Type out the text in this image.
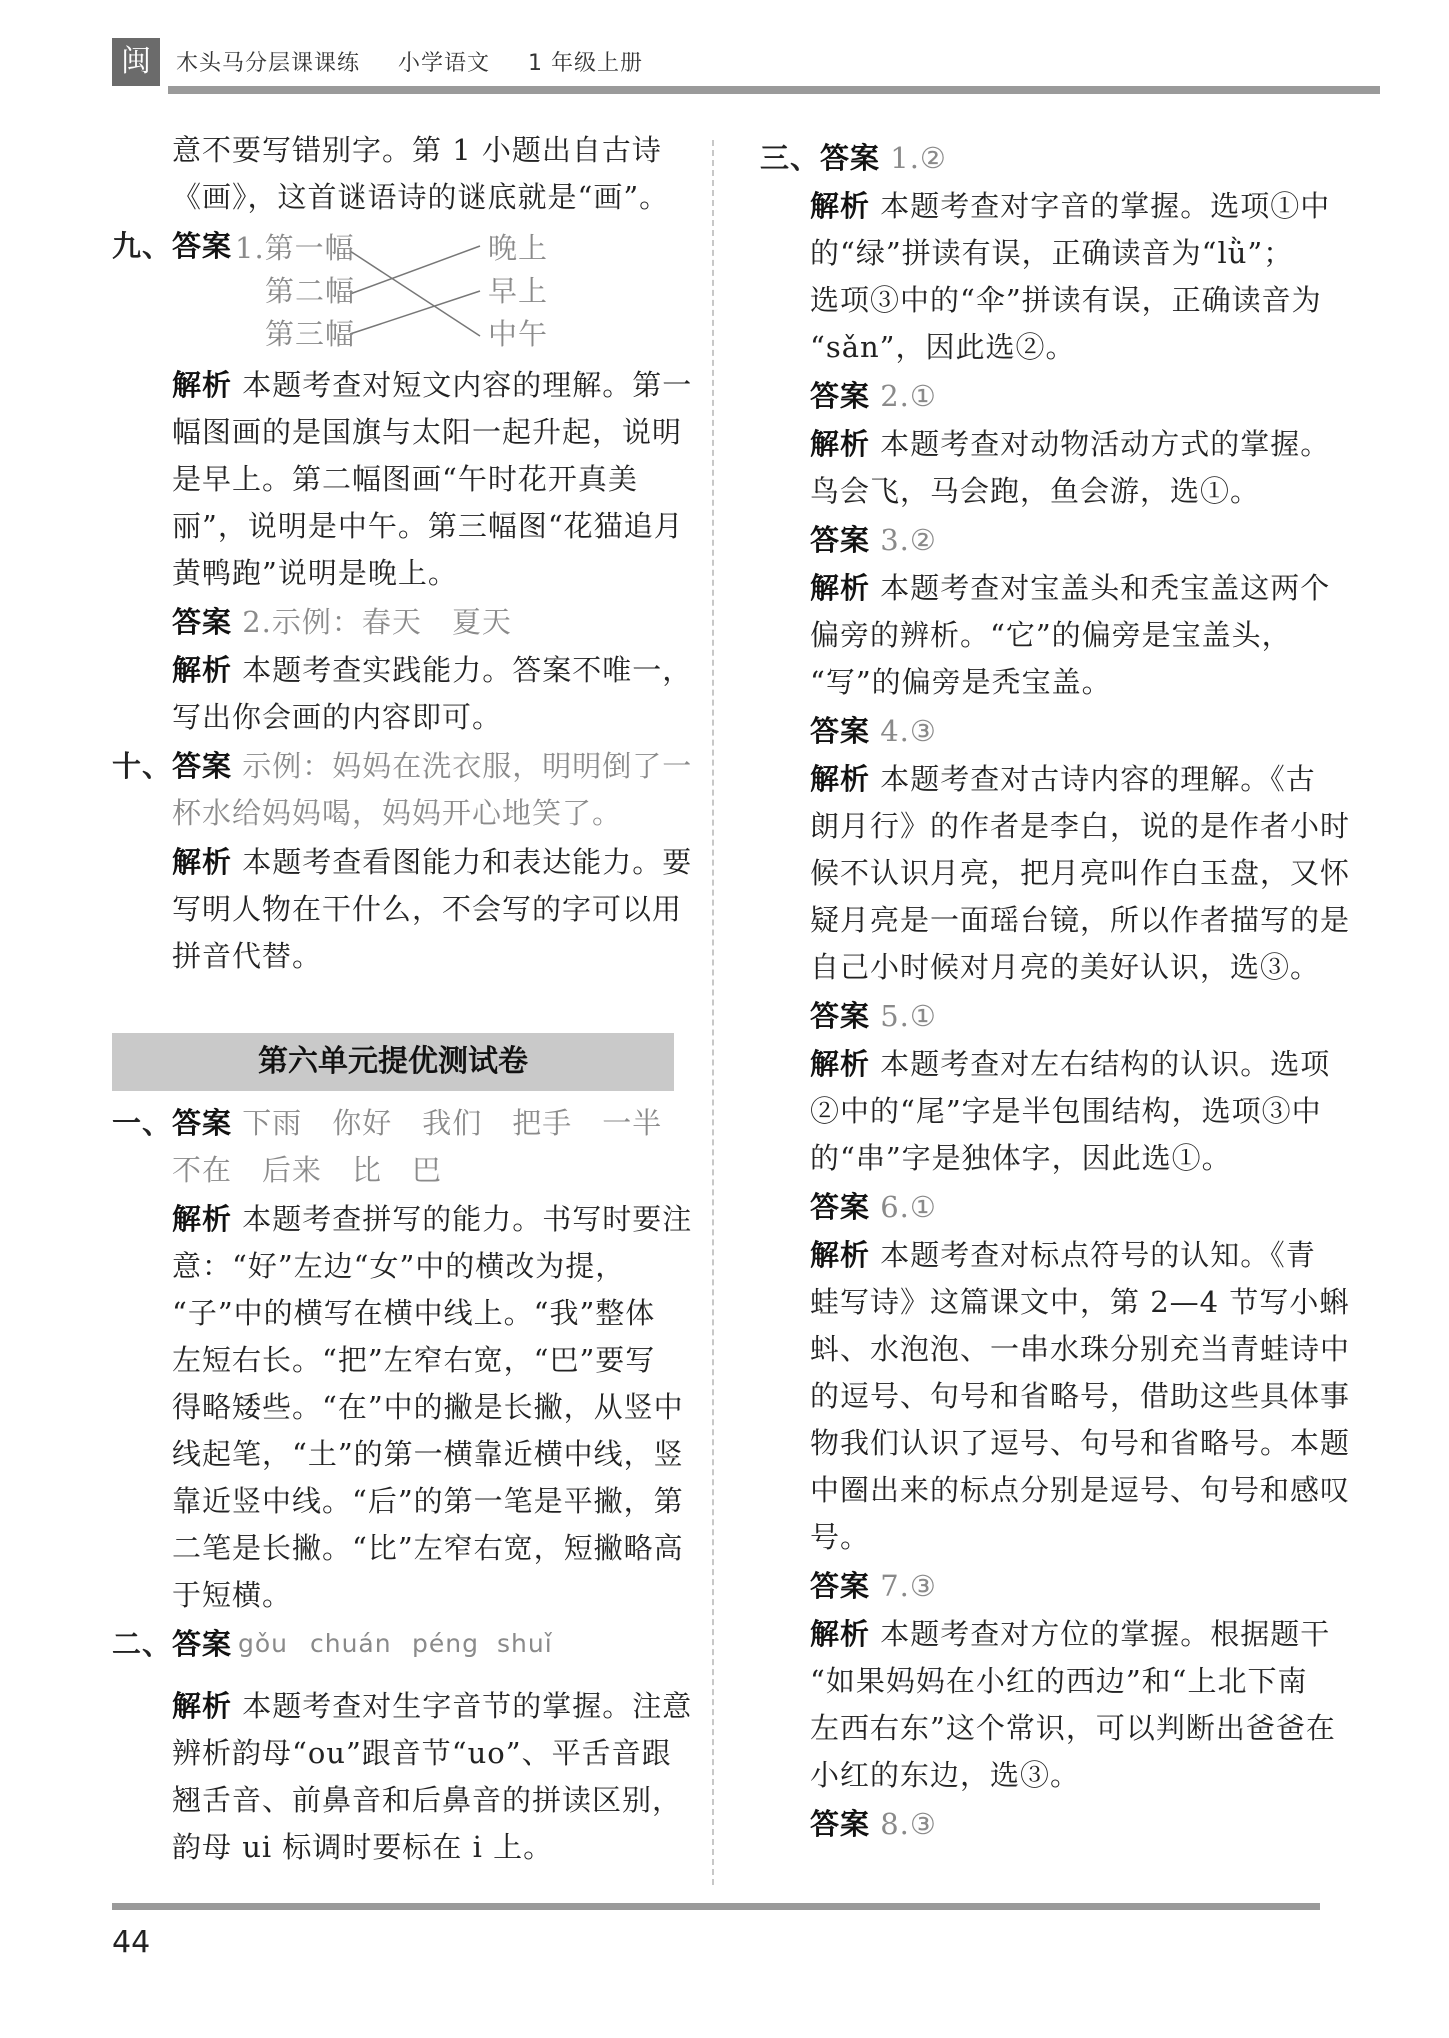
闽	木头马分层课课练 小学语文 1 年级上册
意不要写错别字。第 1 小题出自古诗
《画》，这首谜语诗的谜底就是“画”。
九、答案 1.第一幅
第二幅
第三幅
晚上
早上
中午
解析 本题考查对短文内容的理解。第一
幅图画的是国旗与太阳一起升起，说明
是早上。第二幅图画“午时花开真美
丽”，说明是中午。第三幅图“花猫追月
黄鸭跑”说明是晚上。
答案 2.示例：春天　夏天
解析 本题考查实践能力。答案不唯一，
写出你会画的内容即可。
十、答案 示例：妈妈在洗衣服，明明倒了一
杯水给妈妈喝，妈妈开心地笑了。
解析 本题考查看图能力和表达能力。要
写明人物在干什么，不会写的字可以用
拼音代替。
第六单元提优测试卷
一、答案 下雨　你好　我们　把手　一半
不在　后来　比　巴
解析 本题考查拼写的能力。书写时要注
意：“好”左边“女”中的横改为提，
“子”中的横写在横中线上。“我”整体
左短右长。“把”左窄右宽，“巴”要写
得略矮些。“在”中的撇是长撇，从竖中
线起笔，“土”的第一横靠近横中线，竖
靠近竖中线。“后”的第一笔是平撇，第
二笔是长撇。“比”左窄右宽，短撇略高
于短横。
二、答案 gǒu chuán péng shuǐ
解析 本题考查对生字音节的掌握。注意
辨析韵母“ou”跟音节“uo”、平舌音跟
翘舌音、前鼻音和后鼻音的拼读区别，
韵母 ui 标调时要标在 i 上。
三、答案 1.②
解析 本题考查对字音的掌握。选项①中
的“绿”拼读有误，正确读音为“lǜ”；
选项③中的“伞”拼读有误，正确读音为
“sǎn”，因此选②。
答案 2.①
解析 本题考查对动物活动方式的掌握。
鸟会飞，马会跑，鱼会游，选①。
答案 3.②
解析 本题考查对宝盖头和秃宝盖这两个
偏旁的辨析。“它”的偏旁是宝盖头，
“写”的偏旁是秃宝盖。
答案 4.③
解析 本题考查对古诗内容的理解。《古
朗月行》的作者是李白，说的是作者小时
候不认识月亮，把月亮叫作白玉盘，又怀
疑月亮是一面瑶台镜，所以作者描写的是
自己小时候对月亮的美好认识，选③。
答案 5.①
解析 本题考查对左右结构的认识。选项
②中的“尾”字是半包围结构，选项③中
的“串”字是独体字，因此选①。
答案 6.①
解析 本题考查对标点符号的认知。《青
蛙写诗》这篇课文中，第 2—4 节写小蝌
蚪、水泡泡、一串水珠分别充当青蛙诗中
的逗号、句号和省略号，借助这些具体事
物我们认识了逗号、句号和省略号。本题
中圈出来的标点分别是逗号、句号和感叹
号。
答案 7.③
解析 本题考查对方位的掌握。根据题干
“如果妈妈在小红的西边”和“上北下南
左西右东”这个常识，可以判断出爸爸在
小红的东边，选③。
答案 8.③
44
